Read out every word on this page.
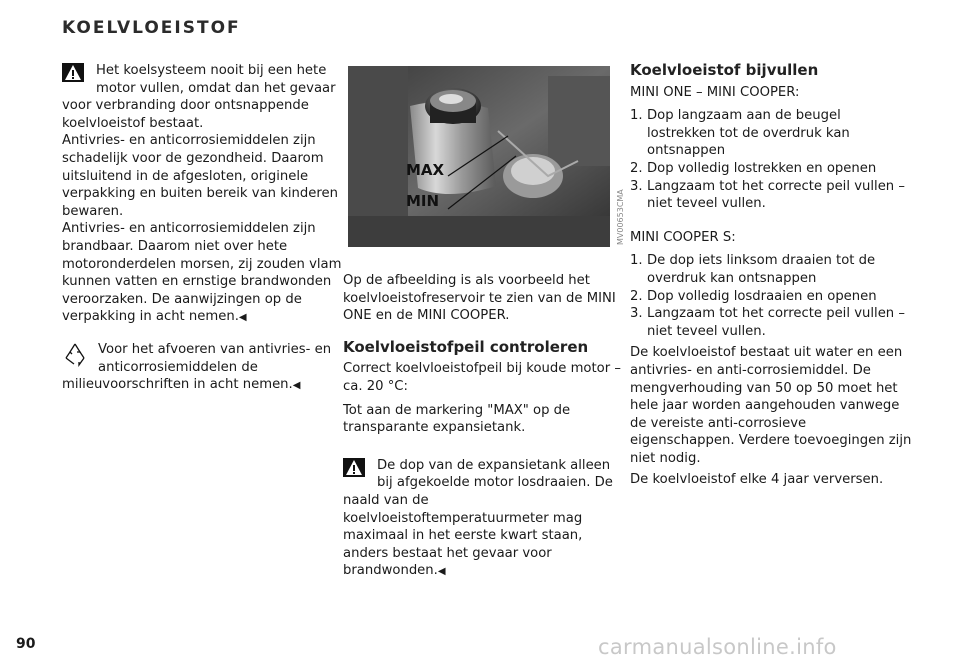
KOELVLOEISTOF

Het koelsysteem nooit bij een hete motor vullen, omdat dan het gevaar voor verbranding door ontsnappende koelvloeistof bestaat.

Antivries- en anticorrosiemiddelen zijn schadelijk voor de gezondheid. Daarom uitsluitend in de afgesloten, originele verpakking en buiten bereik van kinderen bewaren.

Antivries- en anticorrosiemiddelen zijn brandbaar. Daarom niet over hete motoronderdelen morsen, zij zouden vlam kunnen vatten en ernstige brandwonden veroorzaken. De aanwijzingen op de verpakking in acht nemen.◀

Voor het afvoeren van antivries- en anticorrosiemiddelen de milieuvoorschriften in acht nemen.◀

MAX
MIN	MV00653CMA

Op de afbeelding is als voorbeeld het koelvloeistofreservoir te zien van de MINI ONE en de MINI COOPER.

Koelvloeistofpeil controleren

Correct koelvloeistofpeil bij koude motor – ca. 20 °C:

Tot aan de markering "MAX" op de transparante expansietank.

De dop van de expansietank alleen bij afgekoelde motor losdraaien. De naald van de koelvloeistoftemperatuurmeter mag maximaal in het eerste kwart staan, anders bestaat het gevaar voor brandwonden.◀

Koelvloeistof bijvullen

MINI ONE – MINI COOPER:

1. Dop langzaam aan de beugel lostrekken tot de overdruk kan ontsnappen
2. Dop volledig lostrekken en openen
3. Langzaam tot het correcte peil vullen – niet teveel vullen.

MINI COOPER S:

1. De dop iets linksom draaien tot de overdruk kan ontsnappen
2. Dop volledig losdraaien en openen
3. Langzaam tot het correcte peil vullen – niet teveel vullen.

De koelvloeistof bestaat uit water en een antivries- en anti-corrosiemiddel. De mengverhouding van 50 op 50 moet het hele jaar worden aangehouden vanwege de vereiste anti-corrosieve eigenschappen. Verdere toevoegingen zijn niet nodig.

De koelvloeistof elke 4 jaar verversen.

90	carmanualsonline.info
